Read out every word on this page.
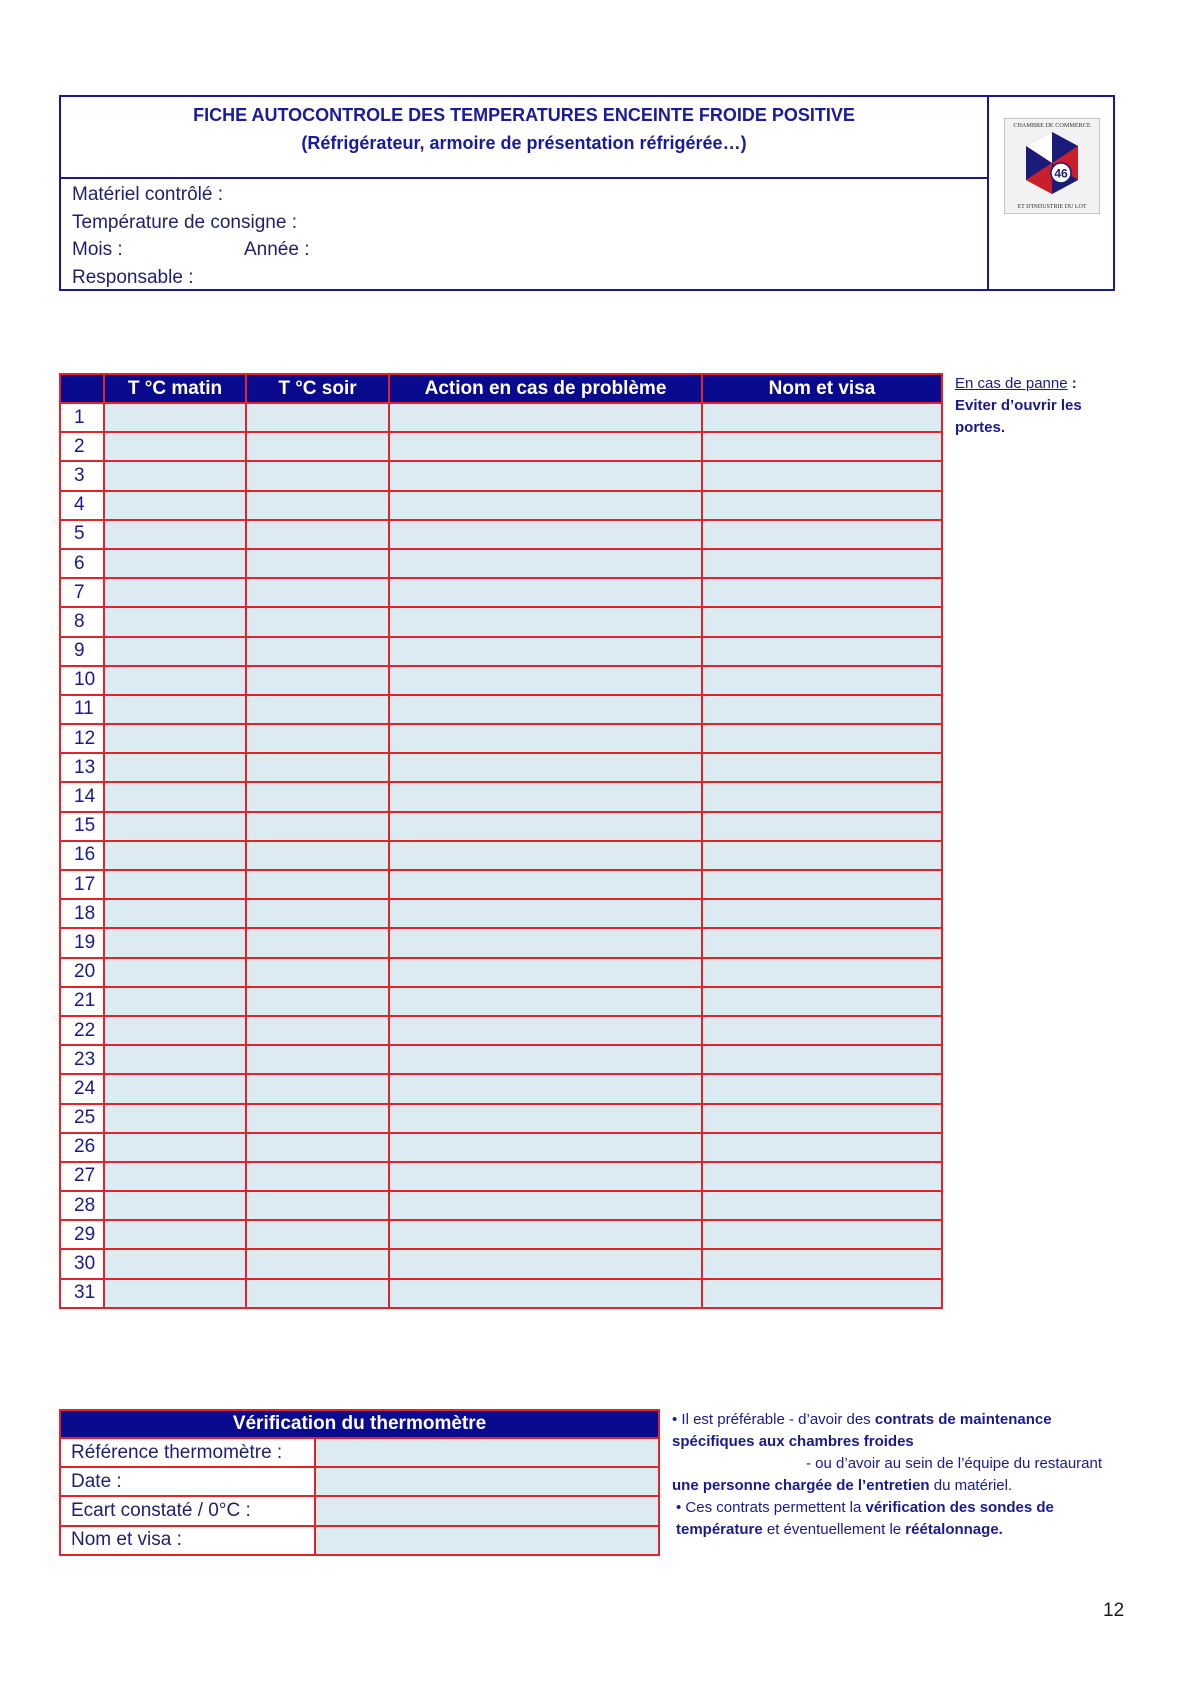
FICHE AUTOCONTROLE DES TEMPERATURES ENCEINTE FROIDE POSITIVE
(Réfrigérateur, armoire de présentation réfrigérée…)
Matériel contrôlé :
Température de consigne :
Mois :	Année :
Responsable :
CHAMBRE DE COMMERCE
46
ET D'INDUSTRIE DU LOT
	T °C matin	T °C soir	Action en cas de problème	Nom et visa
1				
2				
3				
4				
5				
6				
7				
8				
9				
10				
11				
12				
13				
14				
15				
16				
17				
18				
19				
20				
21				
22				
23				
24				
25				
26				
27				
28				
29				
30				
31				
En cas de panne :
Eviter d’ouvrir les portes.
Vérification du thermomètre	
Référence thermomètre :	
Date :	
Ecart constaté / 0°C :	
Nom et visa :	
• Il est préférable - d’avoir des contrats de maintenance spécifiques aux chambres froides
- ou d’avoir au sein de l’équipe du restaurant une personne chargée de l’entretien du matériel.
• Ces contrats permettent la vérification des sondes de température et éventuellement le réétalonnage.
12
